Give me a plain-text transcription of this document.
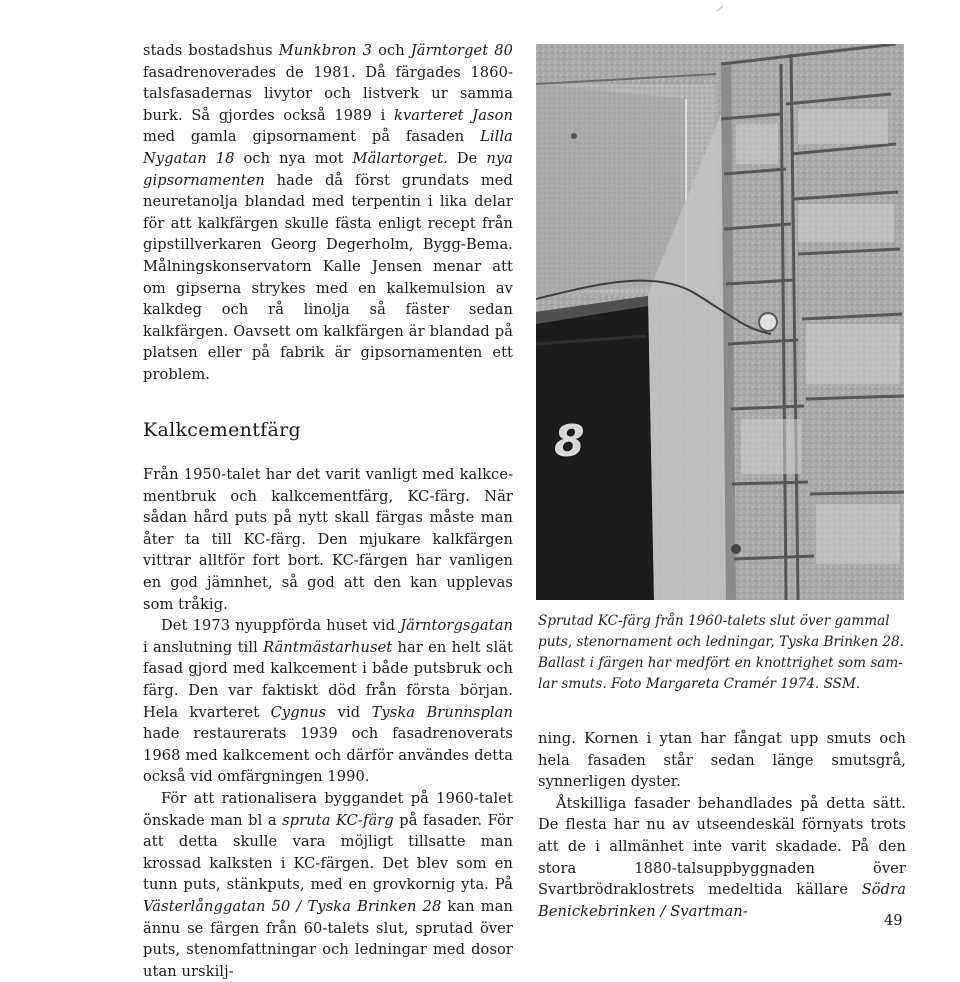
stads bostadshus Munkbron 3 och Järntorget 80 fasadrenoverades de 1981. Då färgades 1860-talsfasadernas livytor och listverk ur samma burk. Så gjordes också 1989 i kvarteret Jason med gamla gipsornament på fasaden Lilla Nygatan 18 och nya mot Mälartorget. De nya gipsornamenten hade då först grundats med neuretanolja blandad med terpentin i lika delar för att kalkfärgen skulle fästa enligt recept från gipstillverkaren Georg Degerholm, Bygg-Bema. Målningskonservatorn Kalle Jensen menar att om gipserna strykes med en kalkemulsion av kalkdeg och rå linolja så fäster sedan kalkfärgen. Oavsett om kalkfärgen är blandad på platsen eller på fabrik är gipsornamenten ett problem.

Kalkcementfärg

Från 1950-talet har det varit vanligt med kalkcementbruk och kalkcementfärg, KC-färg. När sådan hård puts på nytt skall färgas måste man åter ta till KC-färg. Den mjukare kalkfärgen vittrar alltför fort bort. KC-färgen har vanligen en god jämnhet, så god att den kan upplevas som tråkig.

Det 1973 nyuppförda huset vid Järntorgsgatan i anslutning till Räntmästarhuset har en helt slät fasad gjord med kalkcement i både putsbruk och färg. Den var faktiskt död från första början. Hela kvarteret Cygnus vid Tyska Brunnsplan hade restaurerats 1939 och fasadrenoverats 1968 med kalkcement och därför användes detta också vid omfärgningen 1990.

För att rationalisera byggandet på 1960-talet önskade man bl a spruta KC-färg på fasader. För att detta skulle vara möjligt tillsatte man krossad kalksten i KC-färgen. Det blev som en tunn puts, stänkputs, med en grovkornig yta. På Västerlånggatan 50 / Tyska Brinken 28 kan man ännu se färgen från 60-talets slut, sprutad över puts, stenomfattningar och ledningar med dosor utan urskilj-

8
Sprutad KC-färg från 1960-talets slut över gammal puts, stenornament och ledningar, Tyska Brinken 28. Ballast i färgen har medfört en knottrighet som samlar smuts. Foto Margareta Cramér 1974. SSM.

ning. Kornen i ytan har fångat upp smuts och hela fasaden står sedan länge smutsgrå, synnerligen dyster.

Åtskilliga fasader behandlades på detta sätt. De flesta har nu av utseendeskäl förnyats trots att de i allmänhet inte varit skadade. På den stora 1880-talsuppbyggnaden över Svartbrödraklostrets medeltida källare Södra Benickebrinken / Svartman-

49
